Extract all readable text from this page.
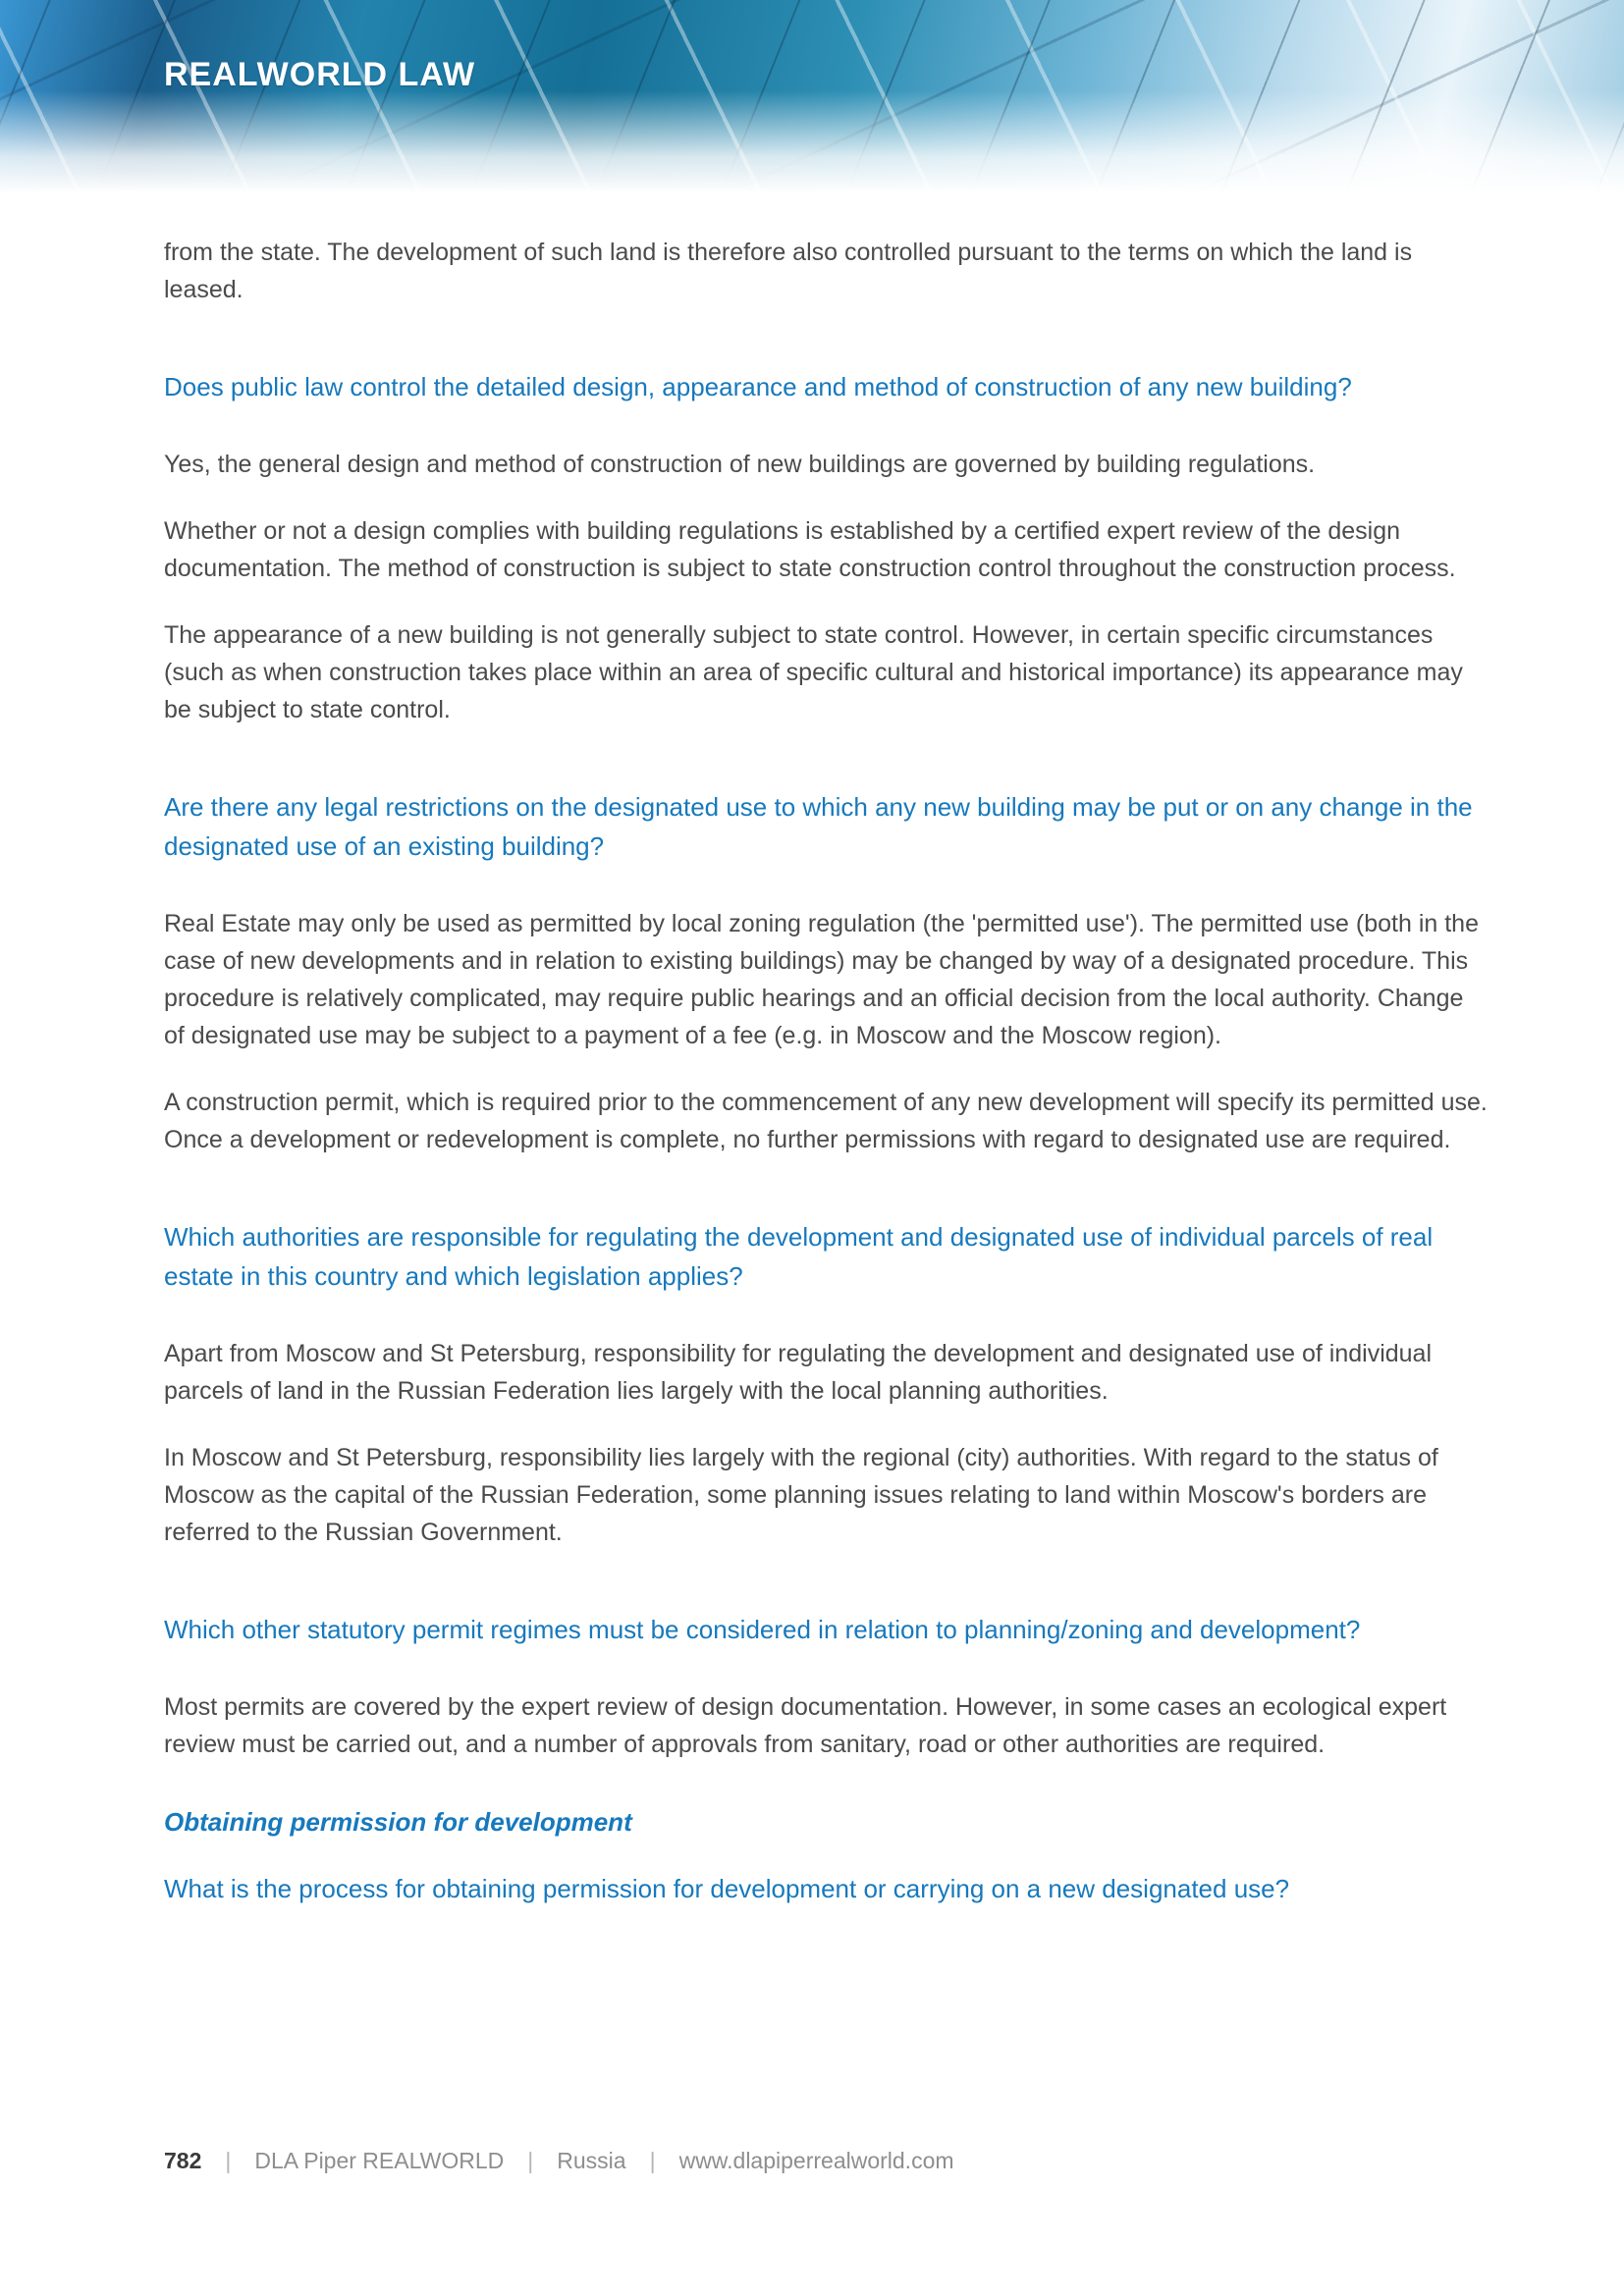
REALWORLD LAW

from the state. The development of such land is therefore also controlled pursuant to the terms on which the land is leased.

Does public law control the detailed design, appearance and method of construction of any new building?

Yes, the general design and method of construction of new buildings are governed by building regulations.

Whether or not a design complies with building regulations is established by a certified expert review of the design documentation. The method of construction is subject to state construction control throughout the construction process.

The appearance of a new building is not generally subject to state control. However, in certain specific circumstances (such as when construction takes place within an area of specific cultural and historical importance) its appearance may be subject to state control.

Are there any legal restrictions on the designated use to which any new building may be put or on any change in the designated use of an existing building?

Real Estate may only be used as permitted by local zoning regulation (the 'permitted use'). The permitted use (both in the case of new developments and in relation to existing buildings) may be changed by way of a designated procedure. This procedure is relatively complicated, may require public hearings and an official decision from the local authority. Change of designated use may be subject to a payment of a fee (e.g. in Moscow and the Moscow region).

A construction permit, which is required prior to the commencement of any new development will specify its permitted use. Once a development or redevelopment is complete, no further permissions with regard to designated use are required.

Which authorities are responsible for regulating the development and designated use of individual parcels of real estate in this country and which legislation applies?

Apart from Moscow and St Petersburg, responsibility for regulating the development and designated use of individual parcels of land in the Russian Federation lies largely with the local planning authorities.

In Moscow and St Petersburg, responsibility lies largely with the regional (city) authorities. With regard to the status of Moscow as the capital of the Russian Federation, some planning issues relating to land within Moscow's borders are referred to the Russian Government.

Which other statutory permit regimes must be considered in relation to planning/zoning and development?

Most permits are covered by the expert review of design documentation. However, in some cases an ecological expert review must be carried out, and a number of approvals from sanitary, road or other authorities are required.

Obtaining permission for development
What is the process for obtaining permission for development or carrying on a new designated use?
782 | DLA Piper REALWORLD | Russia | www.dlapiperrealworld.com
